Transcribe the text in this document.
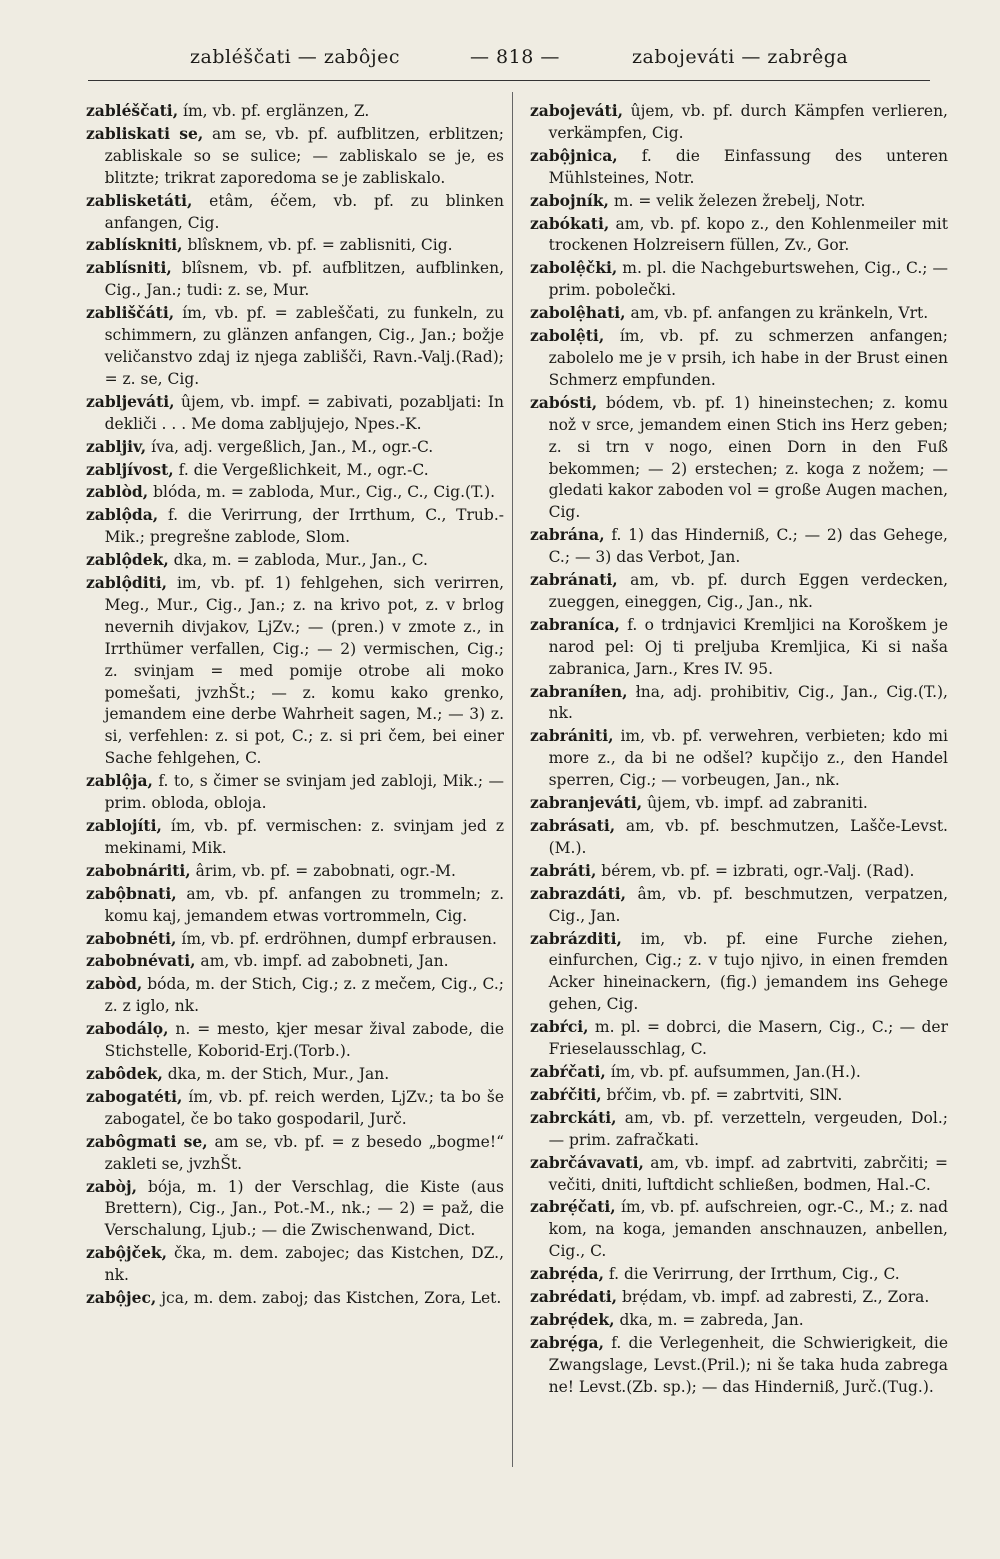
zabléščati — zabôjec	— 818 —	zabojeváti — zabrêga

zabléščati, ím, vb. pf. erglänzen, Z.

zabliskati se, am se, vb. pf. aufblitzen, erblitzen; zabliskale so se sulice; — zabliskalo se je, es blitzte; trikrat zaporedoma se je zabliskalo.

zablisketáti, etâm, éčem, vb. pf. zu blinken anfangen, Cig.

zablískniti, blîsknem, vb. pf. = zablisniti, Cig.

zablísniti, blîsnem, vb. pf. aufblitzen, aufblinken, Cig., Jan.; tudi: z. se, Mur.

zabliščáti, ím, vb. pf. = zableščati, zu funkeln, zu schimmern, zu glänzen anfangen, Cig., Jan.; božje veličanstvo zdaj iz njega zablišči, Ravn.-Valj.(Rad); = z. se, Cig.

zabljeváti, ûjem, vb. impf. = zabivati, pozabljati: In dekliči . . . Me doma zabljujejo, Npes.-K.

zabljiv, íva, adj. vergeßlich, Jan., M., ogr.-C.

zabljívost, f. die Vergeßlichkeit, M., ogr.-C.

zablòd, blóda, m. = zabloda, Mur., Cig., C., Cig.(T.).

zablộda, f. die Verirrung, der Irrthum, C., Trub.-Mik.; pregrešne zablode, Slom.

zablộdek, dka, m. = zabloda, Mur., Jan., C.

zablộditi, im, vb. pf. 1) fehlgehen, sich verirren, Meg., Mur., Cig., Jan.; z. na krivo pot, z. v brlog nevernih divjakov, LjZv.; — (pren.) v zmote z., in Irrthümer verfallen, Cig.; — 2) vermischen, Cig.; z. svinjam = med pomije otrobe ali moko pomešati, jvzhŠt.; — z. komu kako grenko, jemandem eine derbe Wahrheit sagen, M.; — 3) z. si, verfehlen: z. si pot, C.; z. si pri čem, bei einer Sache fehlgehen, C.

zablộja, f. to, s čimer se svinjam jed zabloji, Mik.; — prim. obloda, obloja.

zablojíti, ím, vb. pf. vermischen: z. svinjam jed z mekinami, Mik.

zabobnáriti, ârim, vb. pf. = zabobnati, ogr.-M.

zabộbnati, am, vb. pf. anfangen zu trommeln; z. komu kaj, jemandem etwas vortrommeln, Cig.

zabobnéti, ím, vb. pf. erdröhnen, dumpf erbrausen.

zabobnévati, am, vb. impf. ad zabobneti, Jan.

zabòd, bóda, m. der Stich, Cig.; z. z mečem, Cig., C.; z. z iglo, nk.

zabodálọ, n. = mesto, kjer mesar žival zabode, die Stichstelle, Koborid-Erj.(Torb.).

zabôdek, dka, m. der Stich, Mur., Jan.

zabogatéti, ím, vb. pf. reich werden, LjZv.; ta bo še zabogatel, če bo tako gospodaril, Jurč.

zabôgmati se, am se, vb. pf. = z besedo „bogme!“ zakleti se, jvzhŠt.

zabòj, bója, m. 1) der Verschlag, die Kiste (aus Brettern), Cig., Jan., Pot.-M., nk.; — 2) = paž, die Verschalung, Ljub.; — die Zwischenwand, Dict.

zabộjček, čka, m. dem. zabojec; das Kistchen, DZ., nk.

zabộjec, jca, m. dem. zaboj; das Kistchen, Zora, Let.

zabojeváti, ûjem, vb. pf. durch Kämpfen verlieren, verkämpfen, Cig.

zabộjnica, f. die Einfassung des unteren Mühlsteines, Notr.

zabojník, m. = velik železen žrebelj, Notr.

zabókati, am, vb. pf. kopo z., den Kohlenmeiler mit trockenen Holzreisern füllen, Zv., Gor.

zabolệčki, m. pl. die Nachgeburtswehen, Cig., C.; — prim. pobolečki.

zabolệhati, am, vb. pf. anfangen zu kränkeln, Vrt.

zabolệti, ím, vb. pf. zu schmerzen anfangen; zabolelo me je v prsih, ich habe in der Brust einen Schmerz empfunden.

zabósti, bódem, vb. pf. 1) hineinstechen; z. komu nož v srce, jemandem einen Stich ins Herz geben; z. si trn v nogo, einen Dorn in den Fuß bekommen; — 2) erstechen; z. koga z nožem; — gledati kakor zaboden vol = große Augen machen, Cig.

zabrána, f. 1) das Hinderniß, C.; — 2) das Gehege, C.; — 3) das Verbot, Jan.

zabránati, am, vb. pf. durch Eggen verdecken, zueggen, eineggen, Cig., Jan., nk.

zabraníca, f. o trdnjavici Kremljici na Koroškem je narod pel: Oj ti preljuba Kremljica, Ki si naša zabranica, Jarn., Kres IV. 95.

zabraníłen, łna, adj. prohibitiv, Cig., Jan., Cig.(T.), nk.

zabrániti, im, vb. pf. verwehren, verbieten; kdo mi more z., da bi ne odšel? kupčijo z., den Handel sperren, Cig.; — vorbeugen, Jan., nk.

zabranjeváti, ûjem, vb. impf. ad zabraniti.

zabrásati, am, vb. pf. beschmutzen, Lašče-Levst.(M.).

zabráti, bérem, vb. pf. = izbrati, ogr.-Valj. (Rad).

zabrazdáti, âm, vb. pf. beschmutzen, verpatzen, Cig., Jan.

zabrázditi, im, vb. pf. eine Furche ziehen, einfurchen, Cig.; z. v tujo njivo, in einen fremden Acker hineinackern, (fig.) jemandem ins Gehege gehen, Cig.

zabŕci, m. pl. = dobrci, die Masern, Cig., C.; — der Frieselausschlag, C.

zabŕčati, ím, vb. pf. aufsummen, Jan.(H.).

zabŕčiti, bŕčim, vb. pf. = zabrtviti, SlN.

zabrckáti, am, vb. pf. verzetteln, vergeuden, Dol.; — prim. zafračkati.

zabrčávavati, am, vb. impf. ad zabrtviti, zabrčiti; = večiti, dniti, luftdicht schließen, bodmen, Hal.-C.

zabrẹ́čati, ím, vb. pf. aufschreien, ogr.-C., M.; z. nad kom, na koga, jemanden anschnauzen, anbellen, Cig., C.

zabrẹ́da, f. die Verirrung, der Irrthum, Cig., C.

zabrédati, brẹ́dam, vb. impf. ad zabresti, Z., Zora.

zabrẹ́dek, dka, m. = zabreda, Jan.

zabrẹ́ga, f. die Verlegenheit, die Schwierigkeit, die Zwangslage, Levst.(Pril.); ni še taka huda zabrega ne! Levst.(Zb. sp.); — das Hinderniß, Jurč.(Tug.).
